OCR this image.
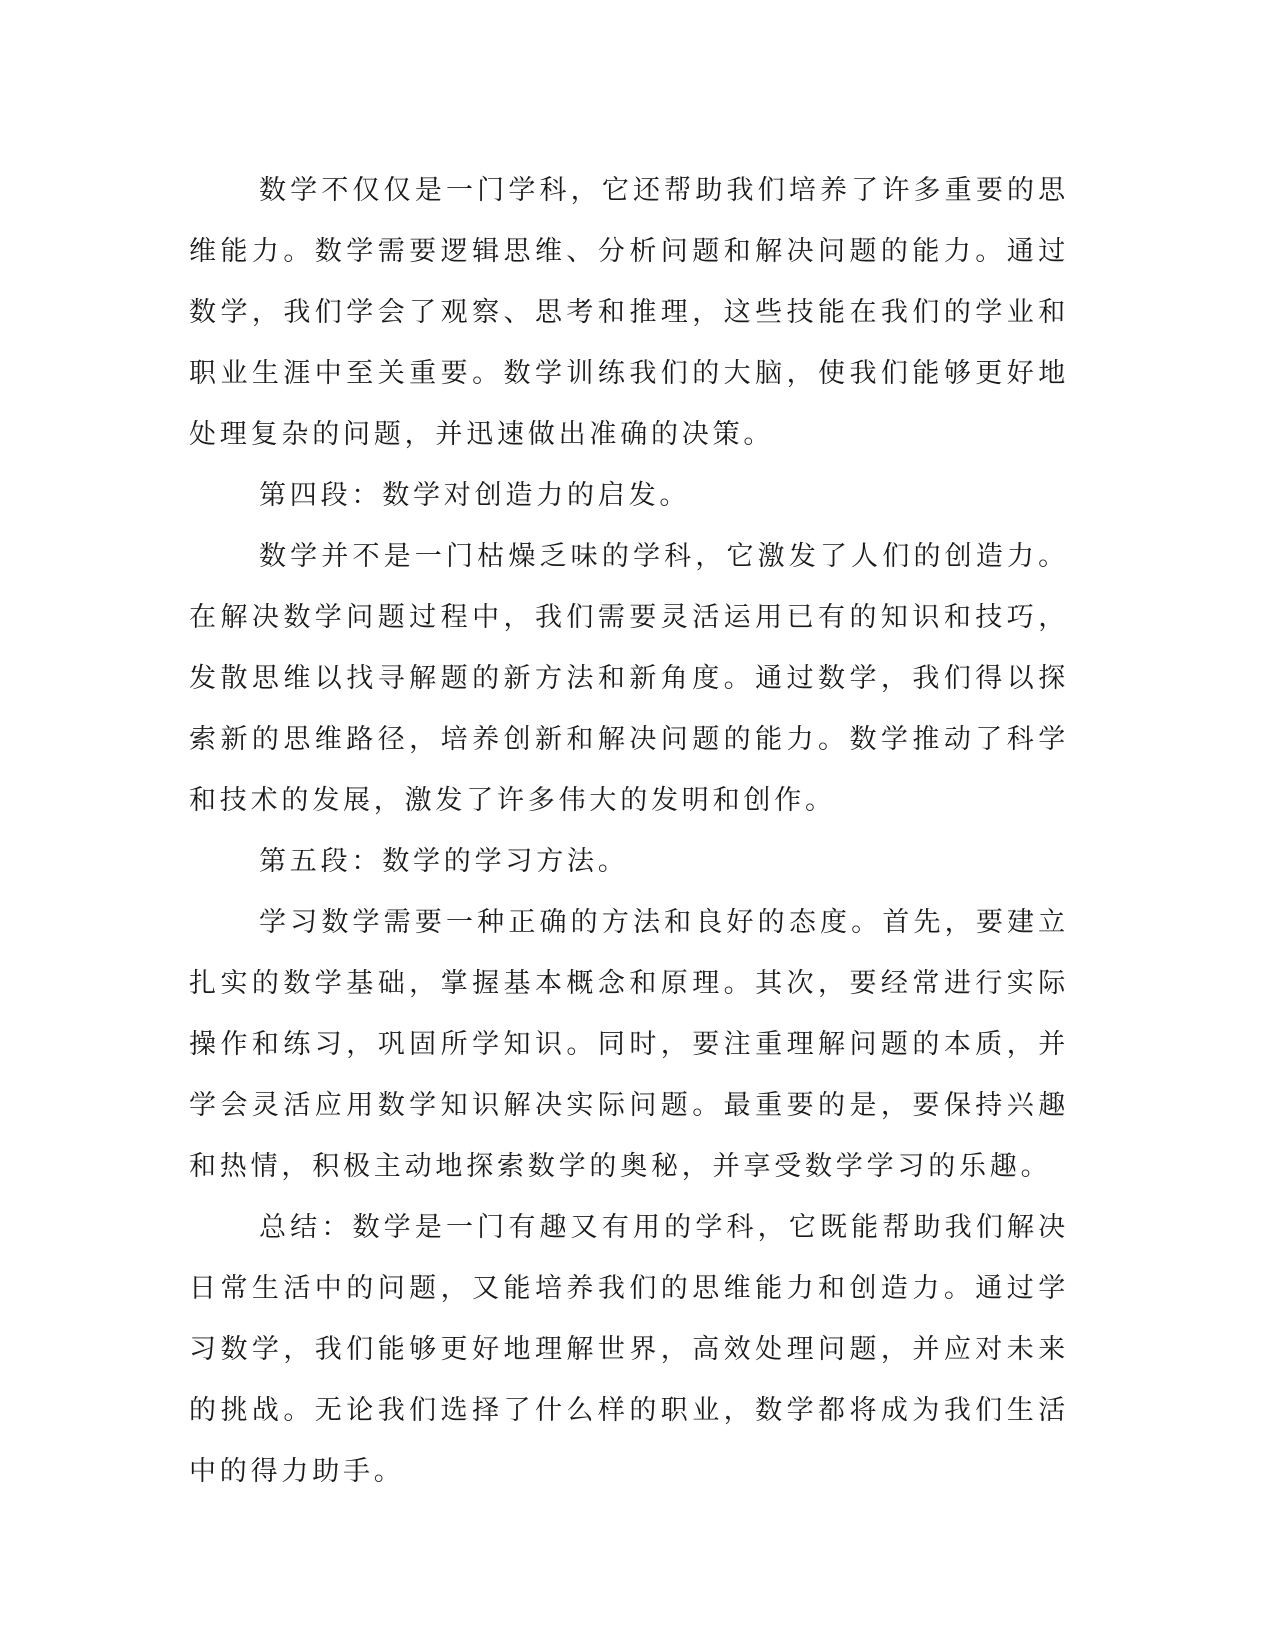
数学不仅仅是一门学科，它还帮助我们培养了许多重要的思维能力。数学需要逻辑思维、分析问题和解决问题的能力。通过数学，我们学会了观察、思考和推理，这些技能在我们的学业和职业生涯中至关重要。数学训练我们的大脑，使我们能够更好地处理复杂的问题，并迅速做出准确的决策。

第四段：数学对创造力的启发。

数学并不是一门枯燥乏味的学科，它激发了人们的创造力。在解决数学问题过程中，我们需要灵活运用已有的知识和技巧，发散思维以找寻解题的新方法和新角度。通过数学，我们得以探索新的思维路径，培养创新和解决问题的能力。数学推动了科学和技术的发展，激发了许多伟大的发明和创作。

第五段：数学的学习方法。

学习数学需要一种正确的方法和良好的态度。首先，要建立扎实的数学基础，掌握基本概念和原理。其次，要经常进行实际操作和练习，巩固所学知识。同时，要注重理解问题的本质，并学会灵活应用数学知识解决实际问题。最重要的是，要保持兴趣和热情，积极主动地探索数学的奥秘，并享受数学学习的乐趣。

总结：数学是一门有趣又有用的学科，它既能帮助我们解决日常生活中的问题，又能培养我们的思维能力和创造力。通过学习数学，我们能够更好地理解世界，高效处理问题，并应对未来的挑战。无论我们选择了什么样的职业，数学都将成为我们生活中的得力助手。
